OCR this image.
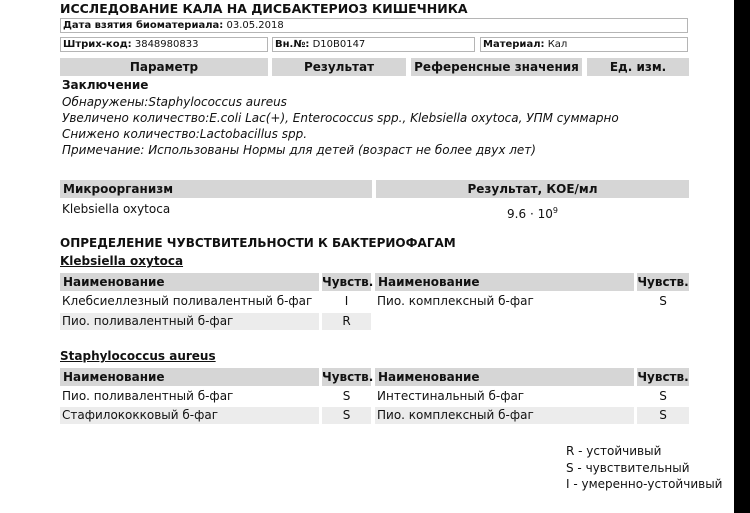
ИССЛЕДОВАНИЕ КАЛА НА ДИСБАКТЕРИОЗ КИШЕЧНИКА
Дата взятия биоматериала: 03.05.2018
Штрих-код: 3848980833	Вн.№: D10B0147	Материал: Кал
Параметр	Результат	Референсные значения	Ед. изм.
Заключение
Обнаружены:Staphylococcus aureus
Увеличено количество:E.coli Lac(+), Enterococcus spp., Klebsiella oxytoca, УПМ суммарно
Снижено количество:Lactobacillus spp.
Примечание: Использованы Нормы для детей (возраст не более двух лет)
Микроорганизм	Результат, КОЕ/мл
Klebsiella oxytoca	$9.6 \cdot 10^9$
ОПРЕДЕЛЕНИЕ ЧУВСТВИТЕЛЬНОСТИ К БАКТЕРИОФАГАМ
Klebsiella oxytoca
Наименование	Чувств. Наименование	Чувств.
Клебсиеллезный поливалентный б-фаг	I	Пио. комплексный б-фаг	S
Пио. поливалентный б-фаг	R
Staphylococcus aureus
Наименование	Чувств. Наименование	Чувств.
Пио. поливалентный б-фаг	S	Интестинальный б-фаг	S
Стафилококковый б-фаг	S	Пио. комплексный б-фаг	S
R - устойчивый
S - чувствительный
I - умеренно-устойчивый
